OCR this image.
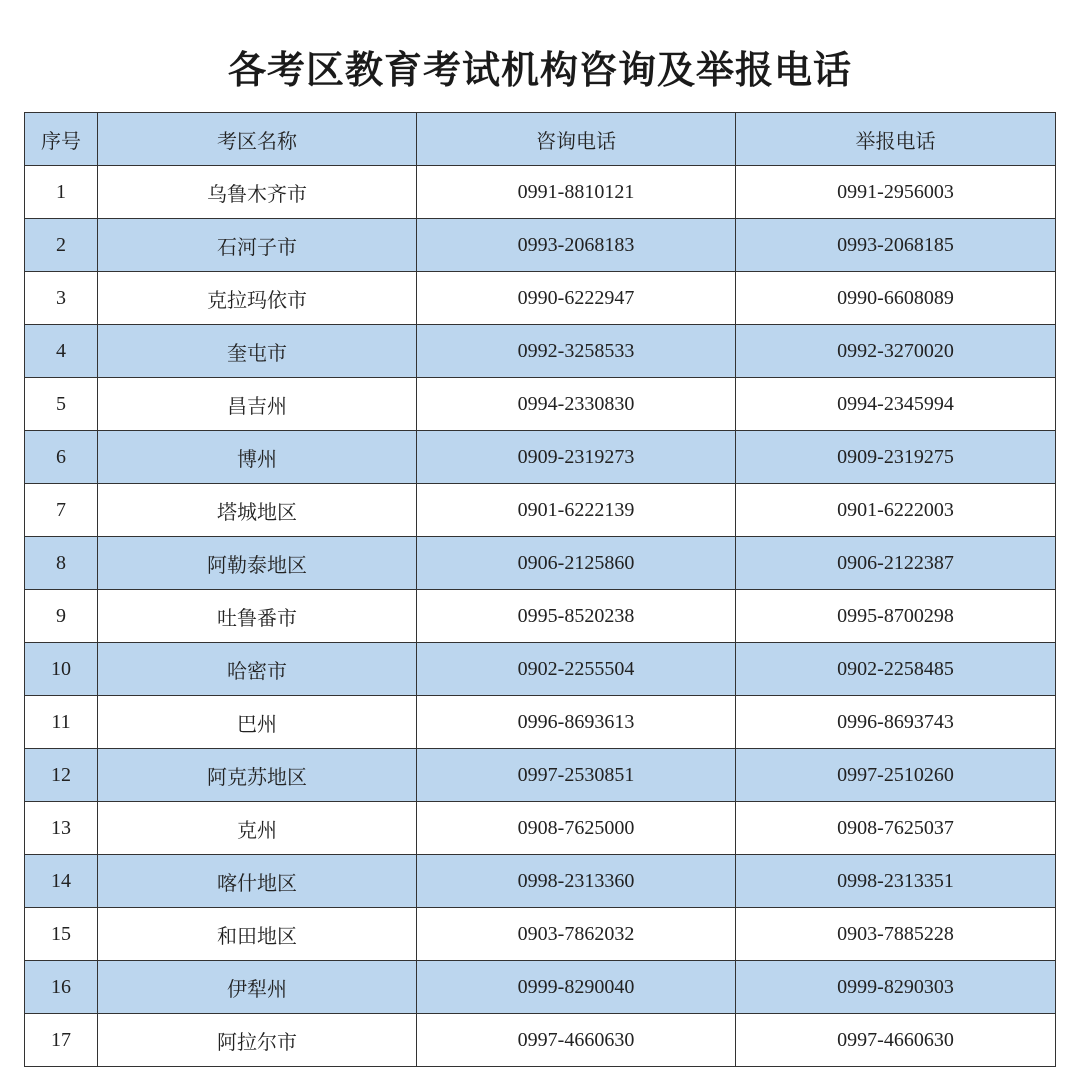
各考区教育考试机构咨询及举报电话
序号	考区名称	咨询电话	举报电话
1	乌鲁木齐市	0991-8810121	0991-2956003
2	石河子市	0993-2068183	0993-2068185
3	克拉玛依市	0990-6222947	0990-6608089
4	奎屯市	0992-3258533	0992-3270020
5	昌吉州	0994-2330830	0994-2345994
6	博州	0909-2319273	0909-2319275
7	塔城地区	0901-6222139	0901-6222003
8	阿勒泰地区	0906-2125860	0906-2122387
9	吐鲁番市	0995-8520238	0995-8700298
10	哈密市	0902-2255504	0902-2258485
11	巴州	0996-8693613	0996-8693743
12	阿克苏地区	0997-2530851	0997-2510260
13	克州	0908-7625000	0908-7625037
14	喀什地区	0998-2313360	0998-2313351
15	和田地区	0903-7862032	0903-7885228
16	伊犁州	0999-8290040	0999-8290303
17	阿拉尔市	0997-4660630	0997-4660630
